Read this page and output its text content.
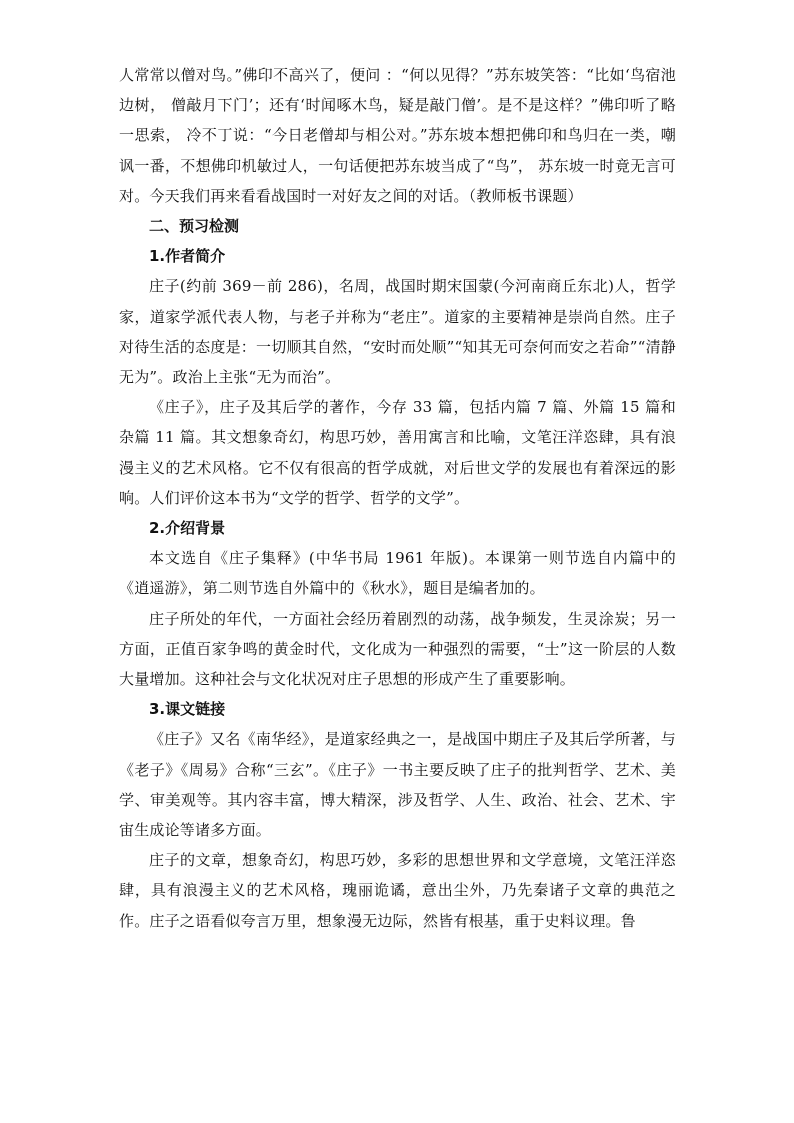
人常常以僧对鸟。”佛印不高兴了，便问 ：“何以见得？”苏东坡笑答：“比如‘鸟宿池边树， 僧敲月下门’；还有‘时闻啄木鸟，疑是敲门僧’。是不是这样？”佛印听了略一思索， 冷不丁说：“今日老僧却与相公对。”苏东坡本想把佛印和鸟归在一类，嘲讽一番，不想佛印机敏过人，一句话便把苏东坡当成了“鸟”， 苏东坡一时竟无言可对。今天我们再来看看战国时一对好友之间的对话。（教师板书课题）

二、预习检测

1.作者简介

庄子(约前 369－前 286)，名周，战国时期宋国蒙(今河南商丘东北)人，哲学家，道家学派代表人物，与老子并称为“老庄”。道家的主要精神是崇尚自然。庄子对待生活的态度是：一切顺其自然，“安时而处顺”“知其无可奈何而安之若命”“清静无为”。政治上主张“无为而治”。

《庄子》，庄子及其后学的著作，今存 33 篇，包括内篇 7 篇、外篇 15 篇和杂篇 11 篇。其文想象奇幻，构思巧妙，善用寓言和比喻，文笔汪洋恣肆，具有浪漫主义的艺术风格。它不仅有很高的哲学成就，对后世文学的发展也有着深远的影响。人们评价这本书为“文学的哲学、哲学的文学”。

2.介绍背景

本文选自《庄子集释》(中华书局 1961 年版)。本课第一则节选自内篇中的《逍遥游》，第二则节选自外篇中的《秋水》，题目是编者加的。

庄子所处的年代，一方面社会经历着剧烈的动荡，战争频发，生灵涂炭；另一方面，正值百家争鸣的黄金时代，文化成为一种强烈的需要，“士”这一阶层的人数大量增加。这种社会与文化状况对庄子思想的形成产生了重要影响。

3.课文链接

《庄子》又名《南华经》，是道家经典之一，是战国中期庄子及其后学所著，与《老子》《周易》合称“三玄”。《庄子》一书主要反映了庄子的批判哲学、艺术、美学、审美观等。其内容丰富，博大精深，涉及哲学、人生、政治、社会、艺术、宇宙生成论等诸多方面。

庄子的文章，想象奇幻，构思巧妙，多彩的思想世界和文学意境，文笔汪洋恣肆，具有浪漫主义的艺术风格，瑰丽诡谲，意出尘外，乃先秦诸子文章的典范之作。庄子之语看似夸言万里，想象漫无边际，然皆有根基，重于史料议理。鲁
